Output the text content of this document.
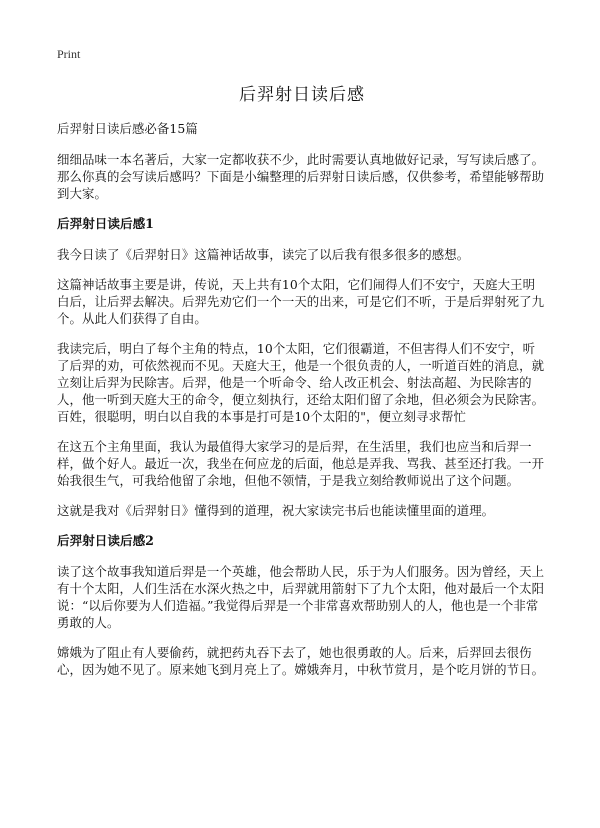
Print
后羿射日读后感

后羿射日读后感必备15篇

细细品味一本名著后，大家一定都收获不少，此时需要认真地做好记录，写写读后感了。那么你真的会写读后感吗？下面是小编整理的后羿射日读后感，仅供参考，希望能够帮助到大家。

后羿射日读后感1

我今日读了《后羿射日》这篇神话故事，读完了以后我有很多很多的感想。

这篇神话故事主要是讲，传说，天上共有10个太阳，它们闹得人们不安宁，天庭大王明白后，让后羿去解决。后羿先劝它们一个一天的出来，可是它们不听，于是后羿射死了九个。从此人们获得了自由。

我读完后，明白了每个主角的特点，10个太阳，它们很霸道，不但害得人们不安宁，听了后羿的劝，可依然视而不见。天庭大王，他是一个很负责的人，一听道百姓的消息，就立刻让后羿为民除害。后羿，他是一个听命令、给人改正机会、射法高超、为民除害的人，他一听到天庭大王的命令，便立刻执行，还给太阳们留了余地，但必须会为民除害。百姓，很聪明，明白以自我的本事是打可是10个太阳的"，便立刻寻求帮忙

在这五个主角里面，我认为最值得大家学习的是后羿，在生活里，我们也应当和后羿一样，做个好人。最近一次，我坐在何应龙的后面，他总是弄我、骂我、甚至还打我。一开始我很生气，可我给他留了余地，但他不领情，于是我立刻给教师说出了这个问题。

这就是我对《后羿射日》懂得到的道理，祝大家读完书后也能读懂里面的道理。

后羿射日读后感2

读了这个故事我知道后羿是一个英雄，他会帮助人民，乐于为人们服务。因为曾经，天上有十个太阳，人们生活在水深火热之中，后羿就用箭射下了九个太阳，他对最后一个太阳说：“以后你要为人们造福。”我觉得后羿是一个非常喜欢帮助别人的人，他也是一个非常勇敢的人。

嫦娥为了阻止有人要偷药，就把药丸吞下去了，她也很勇敢的人。后来，后羿回去很伤心，因为她不见了。原来她飞到月亮上了。嫦娥奔月，中秋节赏月，是个吃月饼的节日。
